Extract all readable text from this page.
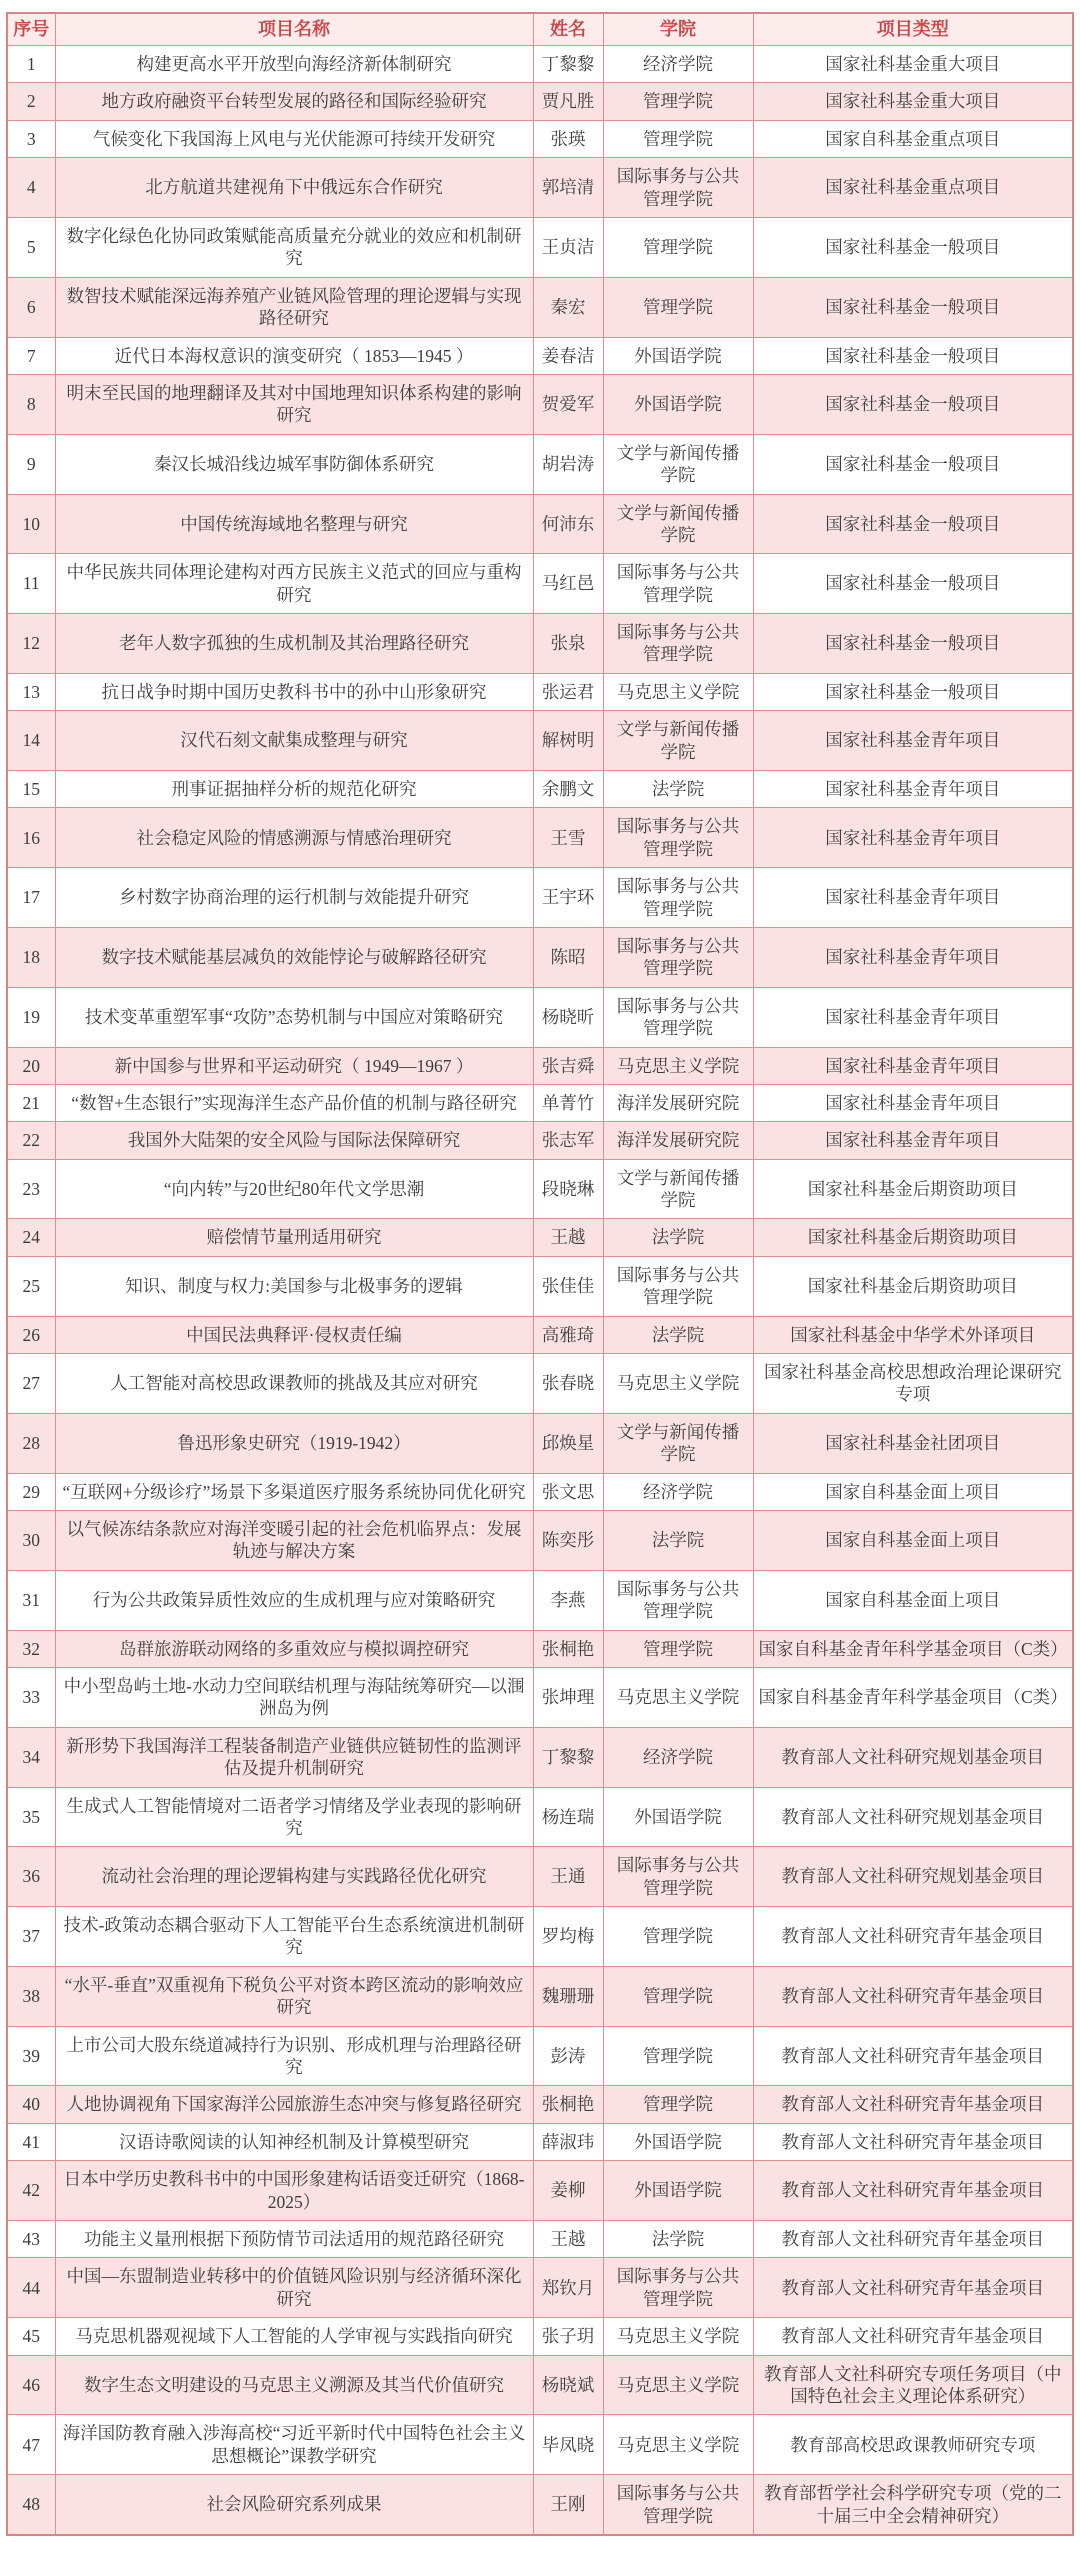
序号	项目名称	姓名	学院	项目类型
1	构建更高水平开放型向海经济新体制研究	丁黎黎	经济学院	国家社科基金重大项目
2	地方政府融资平台转型发展的路径和国际经验研究	贾凡胜	管理学院	国家社科基金重大项目
3	气候变化下我国海上风电与光伏能源可持续开发研究	张瑛	管理学院	国家自科基金重点项目
4	北方航道共建视角下中俄远东合作研究	郭培清	国际事务与公共管理学院	国家社科基金重点项目
5	数字化绿色化协同政策赋能高质量充分就业的效应和机制研究	王贞洁	管理学院	国家社科基金一般项目
6	数智技术赋能深远海养殖产业链风险管理的理论逻辑与实现路径研究	秦宏	管理学院	国家社科基金一般项目
7	近代日本海权意识的演变研究（ 1853—1945 ）	姜春洁	外国语学院	国家社科基金一般项目
8	明末至民国的地理翻译及其对中国地理知识体系构建的影响研究	贺爱军	外国语学院	国家社科基金一般项目
9	秦汉长城沿线边城军事防御体系研究	胡岩涛	文学与新闻传播学院	国家社科基金一般项目
10	中国传统海域地名整理与研究	何沛东	文学与新闻传播学院	国家社科基金一般项目
11	中华民族共同体理论建构对西方民族主义范式的回应与重构研究	马红邑	国际事务与公共管理学院	国家社科基金一般项目
12	老年人数字孤独的生成机制及其治理路径研究	张泉	国际事务与公共管理学院	国家社科基金一般项目
13	抗日战争时期中国历史教科书中的孙中山形象研究	张运君	马克思主义学院	国家社科基金一般项目
14	汉代石刻文献集成整理与研究	解树明	文学与新闻传播学院	国家社科基金青年项目
15	刑事证据抽样分析的规范化研究	余鹏文	法学院	国家社科基金青年项目
16	社会稳定风险的情感溯源与情感治理研究	王雪	国际事务与公共管理学院	国家社科基金青年项目
17	乡村数字协商治理的运行机制与效能提升研究	王宇环	国际事务与公共管理学院	国家社科基金青年项目
18	数字技术赋能基层减负的效能悖论与破解路径研究	陈昭	国际事务与公共管理学院	国家社科基金青年项目
19	技术变革重塑军事“攻防”态势机制与中国应对策略研究	杨晓昕	国际事务与公共管理学院	国家社科基金青年项目
20	新中国参与世界和平运动研究（ 1949—1967 ）	张吉舜	马克思主义学院	国家社科基金青年项目
21	“数智+生态银行”实现海洋生态产品价值的机制与路径研究	单菁竹	海洋发展研究院	国家社科基金青年项目
22	我国外大陆架的安全风险与国际法保障研究	张志军	海洋发展研究院	国家社科基金青年项目
23	“向内转”与20世纪80年代文学思潮	段晓琳	文学与新闻传播学院	国家社科基金后期资助项目
24	赔偿情节量刑适用研究	王越	法学院	国家社科基金后期资助项目
25	知识、制度与权力:美国参与北极事务的逻辑	张佳佳	国际事务与公共管理学院	国家社科基金后期资助项目
26	中国民法典释评·侵权责任编	高雅琦	法学院	国家社科基金中华学术外译项目
27	人工智能对高校思政课教师的挑战及其应对研究	张春晓	马克思主义学院	国家社科基金高校思想政治理论课研究专项
28	鲁迅形象史研究（1919-1942）	邱焕星	文学与新闻传播学院	国家社科基金社团项目
29	“互联网+分级诊疗”场景下多渠道医疗服务系统协同优化研究	张文思	经济学院	国家自科基金面上项目
30	以气候冻结条款应对海洋变暖引起的社会危机临界点：发展轨迹与解决方案	陈奕彤	法学院	国家自科基金面上项目
31	行为公共政策异质性效应的生成机理与应对策略研究	李燕	国际事务与公共管理学院	国家自科基金面上项目
32	岛群旅游联动网络的多重效应与模拟调控研究	张桐艳	管理学院	国家自科基金青年科学基金项目（C类）
33	中小型岛屿土地-水动力空间联结机理与海陆统筹研究—以涠洲岛为例	张坤理	马克思主义学院	国家自科基金青年科学基金项目（C类）
34	新形势下我国海洋工程装备制造产业链供应链韧性的监测评估及提升机制研究	丁黎黎	经济学院	教育部人文社科研究规划基金项目
35	生成式人工智能情境对二语者学习情绪及学业表现的影响研究	杨连瑞	外国语学院	教育部人文社科研究规划基金项目
36	流动社会治理的理论逻辑构建与实践路径优化研究	王通	国际事务与公共管理学院	教育部人文社科研究规划基金项目
37	技术-政策动态耦合驱动下人工智能平台生态系统演进机制研究	罗均梅	管理学院	教育部人文社科研究青年基金项目
38	“水平-垂直”双重视角下税负公平对资本跨区流动的影响效应研究	魏珊珊	管理学院	教育部人文社科研究青年基金项目
39	上市公司大股东绕道减持行为识别、形成机理与治理路径研究	彭涛	管理学院	教育部人文社科研究青年基金项目
40	人地协调视角下国家海洋公园旅游生态冲突与修复路径研究	张桐艳	管理学院	教育部人文社科研究青年基金项目
41	汉语诗歌阅读的认知神经机制及计算模型研究	薛淑玮	外国语学院	教育部人文社科研究青年基金项目
42	日本中学历史教科书中的中国形象建构话语变迁研究（1868-2025）	姜柳	外国语学院	教育部人文社科研究青年基金项目
43	功能主义量刑根据下预防情节司法适用的规范路径研究	王越	法学院	教育部人文社科研究青年基金项目
44	中国—东盟制造业转移中的价值链风险识别与经济循环深化研究	郑钦月	国际事务与公共管理学院	教育部人文社科研究青年基金项目
45	马克思机器观视域下人工智能的人学审视与实践指向研究	张子玥	马克思主义学院	教育部人文社科研究青年基金项目
46	数字生态文明建设的马克思主义溯源及其当代价值研究	杨晓斌	马克思主义学院	教育部人文社科研究专项任务项目（中国特色社会主义理论体系研究）
47	海洋国防教育融入涉海高校“习近平新时代中国特色社会主义思想概论”课教学研究	毕凤晓	马克思主义学院	教育部高校思政课教师研究专项
48	社会风险研究系列成果	王刚	国际事务与公共管理学院	教育部哲学社会科学研究专项（党的二十届三中全会精神研究）
